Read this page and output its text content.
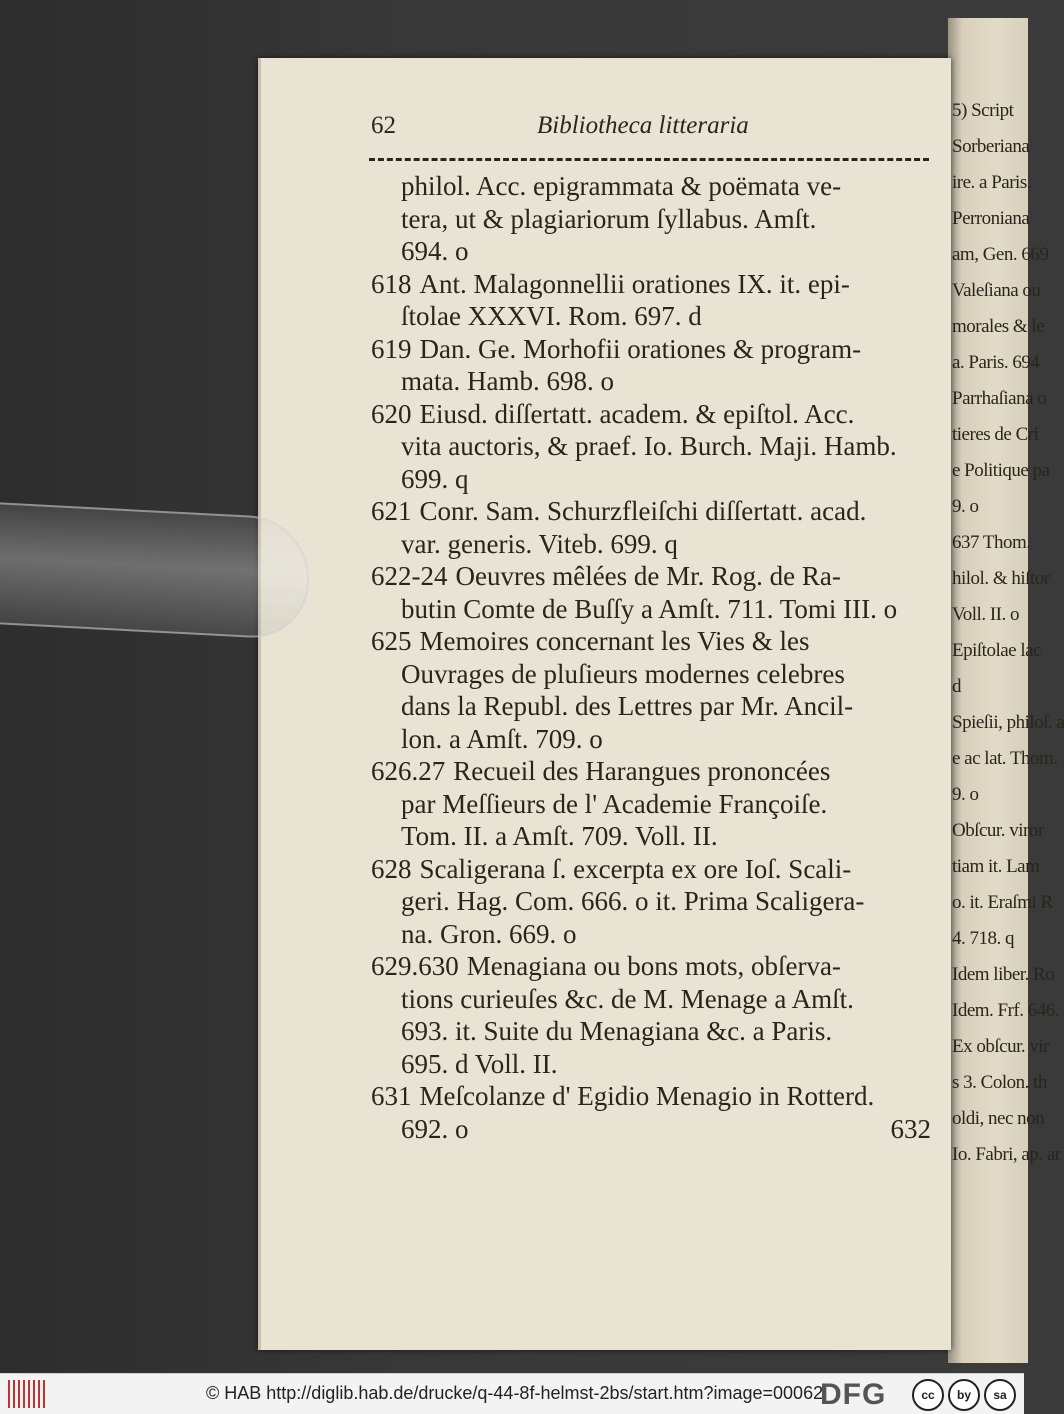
5) Script
Sorberiana
ire. a Paris.
Perroniana
am, Gen. 669
Valeſiana ou
morales & le
a. Paris. 694
Parrhaſiana o
tieres de Cri
e Politique pa
9. o
637 Thom.
hilol. & hiſtor
Voll. II. o
Epiſtolae lac
d
Spieſii, philoſ. a
e ac lat. Thom.
9. o
Obſcur. viror
tiam it. Lam
o. it. Eraſmi R
4. 718. q
Idem liber. Ro
Idem. Frf. 646.
Ex obſcur. vir
s 3. Colon. th
oldi, nec non
Io. Fabri, ap. ar
62	Bibliotheca litteraria
philol. Acc. epigrammata & poëmata ve-
tera, ut & plagiariorum ſyllabus. Amſt.
694. o
618 Ant. Malagonnellii orationes IX. it. epi-
ſtolae XXXVI. Rom. 697. d
619 Dan. Ge. Morhofii orationes & program-
mata. Hamb. 698. o
620 Eiusd. diſſertatt. academ. & epiſtol. Acc.
vita auctoris, & praef. Io. Burch. Maji. Hamb.
699. q
621 Conr. Sam. Schurzfleiſchi diſſertatt. acad.
var. generis. Viteb. 699. q
622-24 Oeuvres mêlées de Mr. Rog. de Ra-
butin Comte de Buſſy a Amſt. 711. Tomi III. o
625 Memoires concernant les Vies & les
Ouvrages de pluſieurs modernes celebres
dans la Republ. des Lettres par Mr. Ancil-
lon. a Amſt. 709. o
626.27 Recueil des Harangues prononcées
par Meſſieurs de l' Academie Françoiſe.
Tom. II. a Amſt. 709. Voll. II.
628 Scaligerana ſ. excerpta ex ore Ioſ. Scali-
geri. Hag. Com. 666. o it. Prima Scaligera-
na. Gron. 669. o
629.630 Menagiana ou bons mots, obſerva-
tions curieuſes &c. de M. Menage a Amſt.
693. it. Suite du Menagiana &c. a Paris.
695. d Voll. II.
631 Meſcolanze d' Egidio Menagio in Rotterd.
692. o	632
© HAB http://diglib.hab.de/drucke/q-44-8f-helmst-2bs/start.htm?image=00062
DFG	cc	by	sa
